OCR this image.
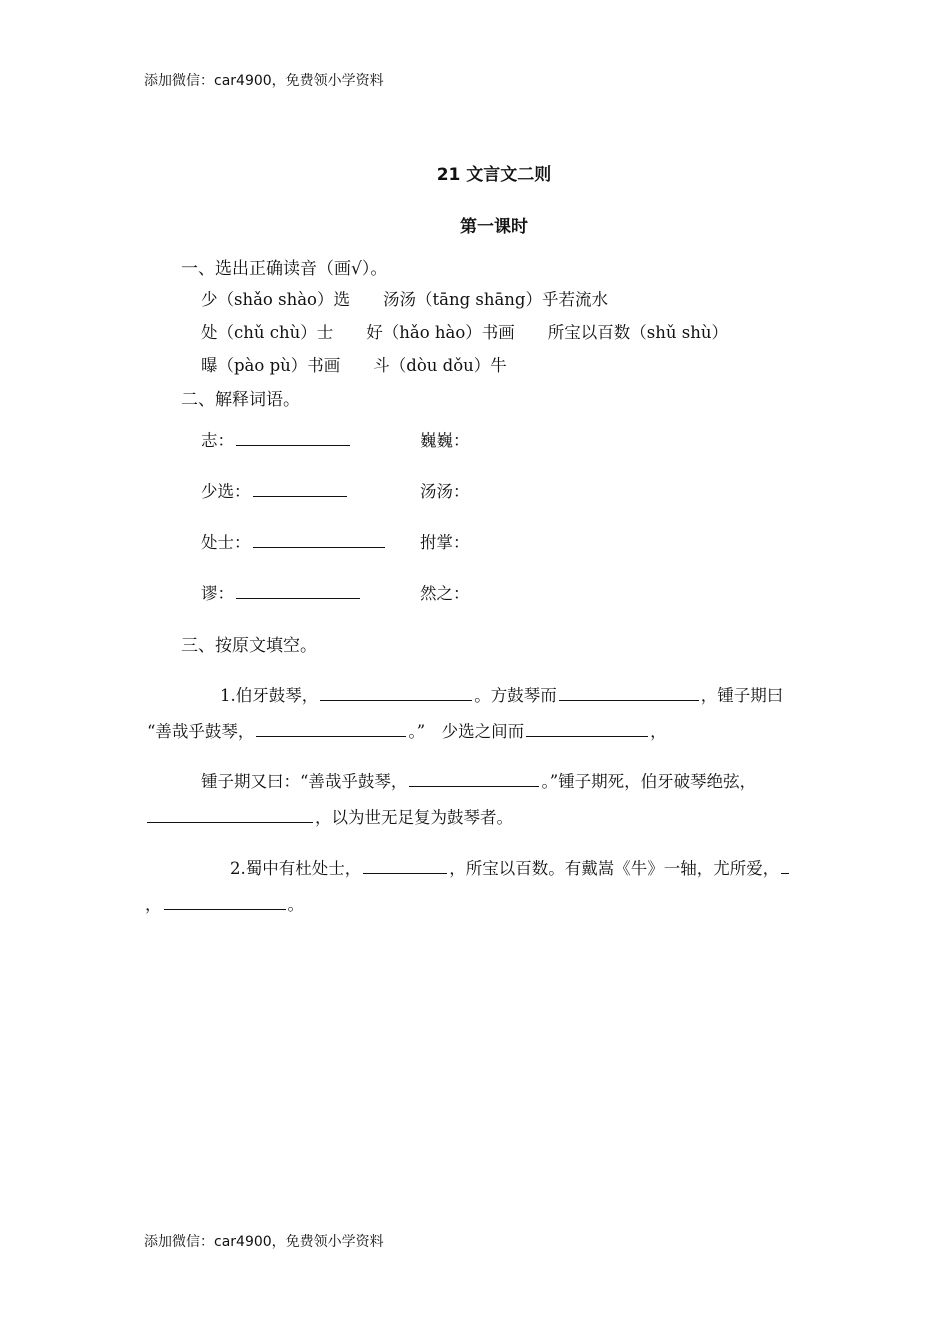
添加微信：car4900，免费领小学资料
21 文言文二则
第一课时
一、选出正确读音（画√）。
少（shǎo shào）选　　汤汤（tāng shāng）乎若流水
处（chǔ chù）士　　好（hǎo hào）书画　　所宝以百数（shǔ shù）
曝（pào pù）书画　　斗（dòu dǒu）牛
二、解释词语。
志：	巍巍：
少选：	汤汤：
处士：	拊掌：
谬：	然之：
三、按原文填空。
1.伯牙鼓琴，	。方鼓琴而	，锺子期曰
“善哉乎鼓琴，	。”　少选之间而	，
锺子期又曰：“善哉乎鼓琴，	。”锺子期死，伯牙破琴绝弦，
，以为世无足复为鼓琴者。
2.蜀中有杜处士，	，所宝以百数。有戴嵩《牛》一轴，尤所爱，
，	。
添加微信：car4900，免费领小学资料
